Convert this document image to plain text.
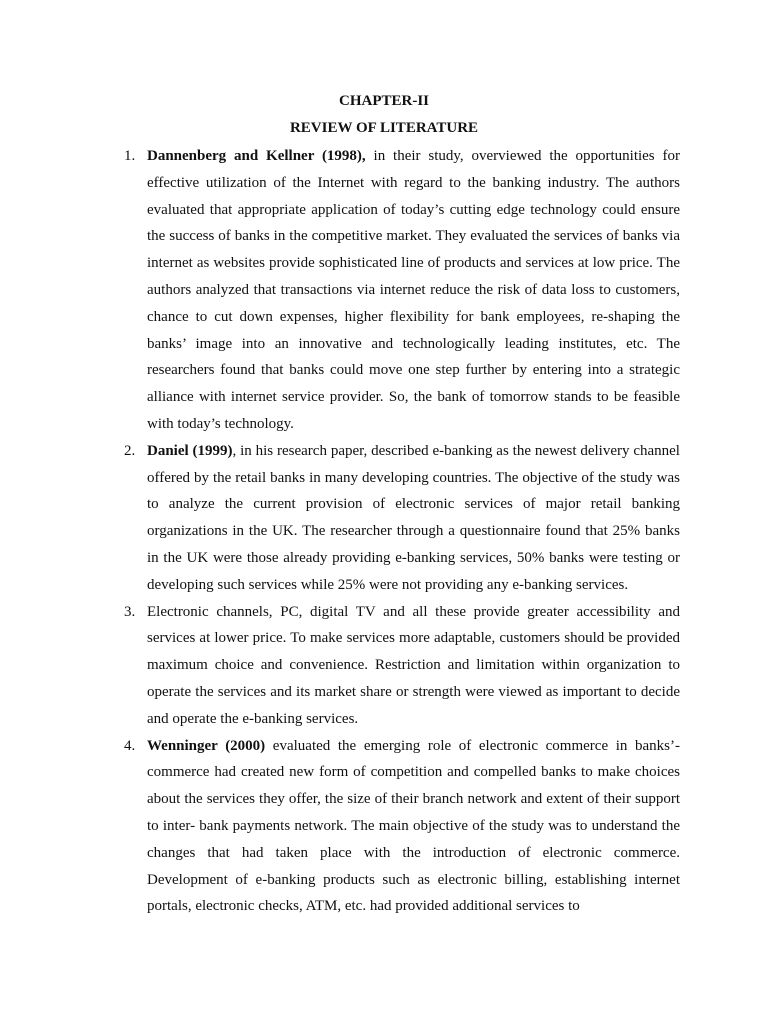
CHAPTER-II
REVIEW OF LITERATURE
1. Dannenberg and Kellner (1998), in their study, overviewed the opportunities for effective utilization of the Internet with regard to the banking industry. The authors evaluated that appropriate application of today’s cutting edge technology could ensure the success of banks in the competitive market. They evaluated the services of banks via internet as websites provide sophisticated line of products and services at low price. The authors analyzed that transactions via internet reduce the risk of data loss to customers, chance to cut down expenses, higher flexibility for bank employees, re-shaping the banks’ image into an innovative and technologically leading institutes, etc. The researchers found that banks could move one step further by entering into a strategic alliance with internet service provider. So, the bank of tomorrow stands to be feasible with today’s technology.
2. Daniel (1999), in his research paper, described e-banking as the newest delivery channel offered by the retail banks in many developing countries. The objective of the study was to analyze the current provision of electronic services of major retail banking organizations in the UK. The researcher through a questionnaire found that 25% banks in the UK were those already providing e-banking services, 50% banks were testing or developing such services while 25% were not providing any e-banking services.
3. Electronic channels, PC, digital TV and all these provide greater accessibility and services at lower price. To make services more adaptable, customers should be provided maximum choice and convenience. Restriction and limitation within organization to operate the services and its market share or strength were viewed as important to decide and operate the e-banking services.
4. Wenninger (2000) evaluated the emerging role of electronic commerce in banks’- commerce had created new form of competition and compelled banks to make choices about the services they offer, the size of their branch network and extent of their support to inter- bank payments network. The main objective of the study was to understand the changes that had taken place with the introduction of electronic commerce. Development of e-banking products such as electronic billing, establishing internet portals, electronic checks, ATM, etc. had provided additional services to
